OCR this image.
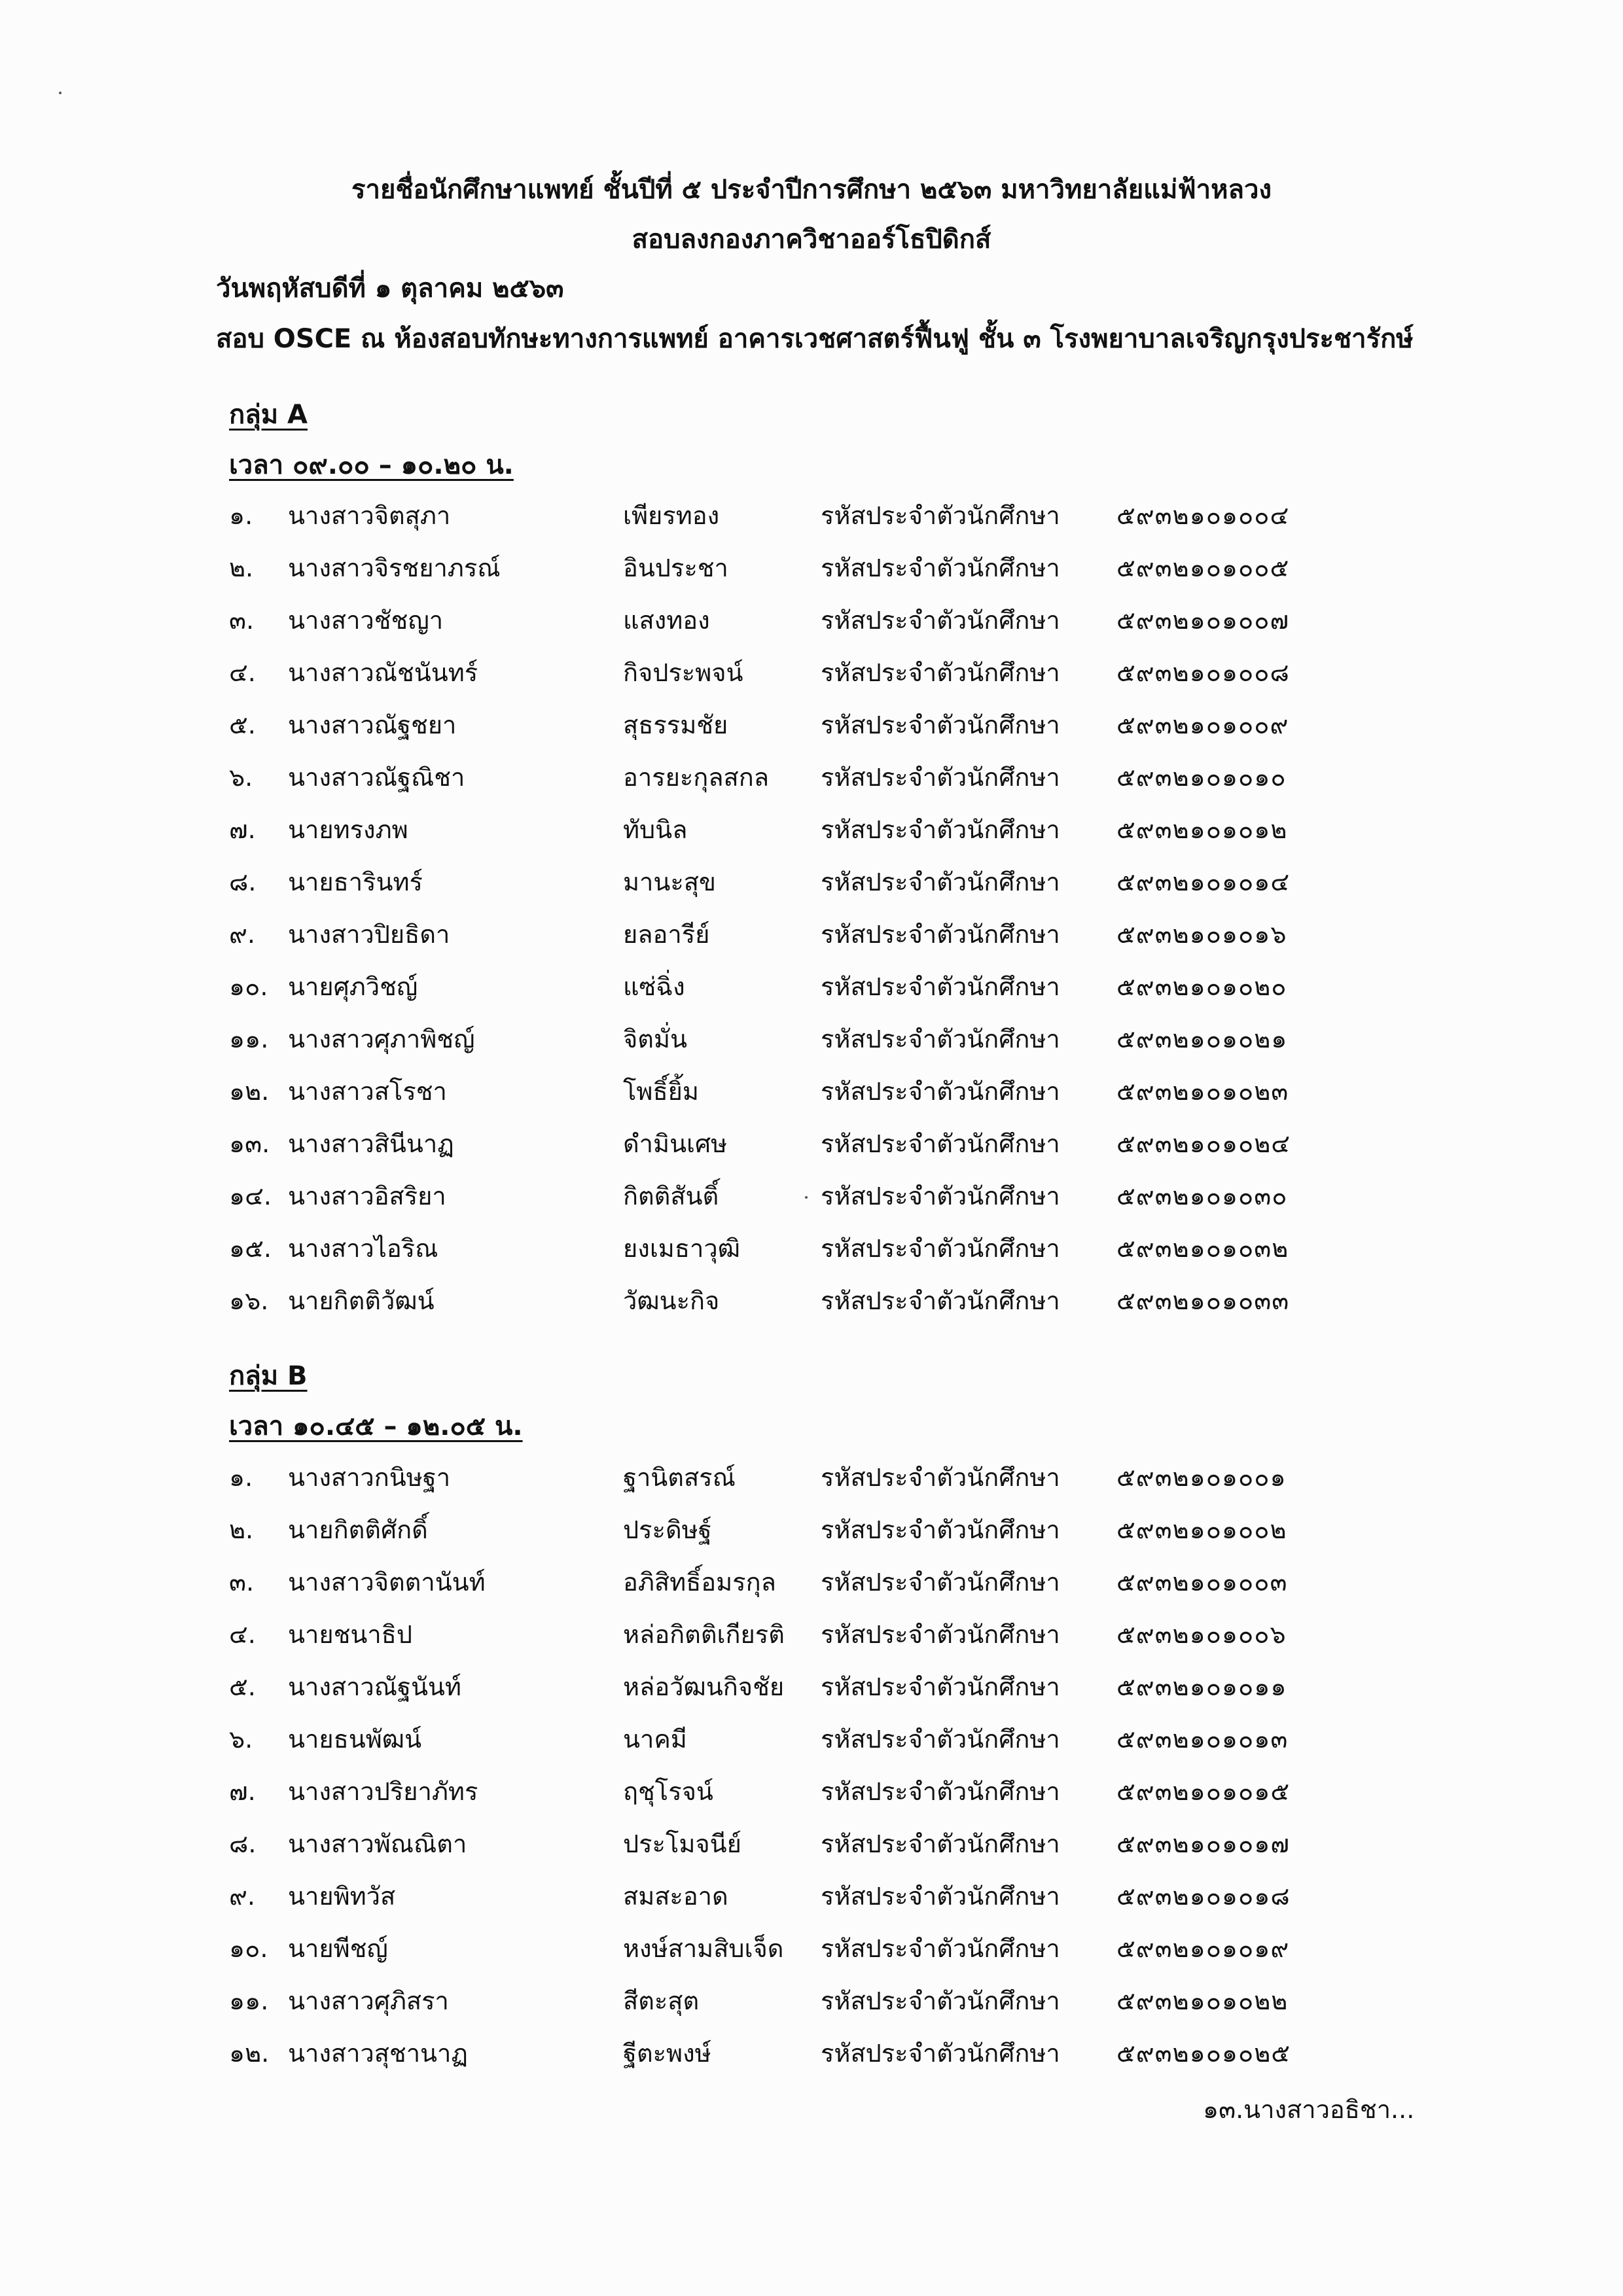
รายชื่อนักศึกษาแพทย์ ชั้นปีที่ ๕ ประจำปีการศึกษา ๒๕๖๓ มหาวิทยาลัยแม่ฟ้าหลวง
สอบลงกองภาควิชาออร์โธปิดิกส์
วันพฤหัสบดีที่ ๑ ตุลาคม ๒๕๖๓
สอบ OSCE ณ ห้องสอบทักษะทางการแพทย์ อาคารเวชศาสตร์ฟื้นฟู ชั้น ๓ โรงพยาบาลเจริญกรุงประชารักษ์
กลุ่ม A
เวลา ๐๙.๐๐ – ๑๐.๒๐ น.
๑. นางสาวจิตสุภา	เพียรทอง	รหัสประจำตัวนักศึกษา ๕๙๓๒๑๐๑๐๐๔
๒. นางสาวจิรชยาภรณ์	อินประชา	รหัสประจำตัวนักศึกษา ๕๙๓๒๑๐๑๐๐๕
๓. นางสาวชัชญา	แสงทอง	รหัสประจำตัวนักศึกษา ๕๙๓๒๑๐๑๐๐๗
๔. นางสาวณัชนันทร์	กิจประพจน์	รหัสประจำตัวนักศึกษา ๕๙๓๒๑๐๑๐๐๘
๕. นางสาวณัฐชยา	สุธรรมชัย	รหัสประจำตัวนักศึกษา ๕๙๓๒๑๐๑๐๐๙
๖. นางสาวณัฐณิชา	อารยะกุลสกล รหัสประจำตัวนักศึกษา ๕๙๓๒๑๐๑๐๑๐
๗. นายทรงภพ	ทับนิล	รหัสประจำตัวนักศึกษา ๕๙๓๒๑๐๑๐๑๒
๘. นายธารินทร์	มานะสุข	รหัสประจำตัวนักศึกษา ๕๙๓๒๑๐๑๐๑๔
๙. นางสาวปิยธิดา	ยลอารีย์	รหัสประจำตัวนักศึกษา ๕๙๓๒๑๐๑๐๑๖
๑๐. นายศุภวิชญ์	แซ่ฉิ่ง	รหัสประจำตัวนักศึกษา ๕๙๓๒๑๐๑๐๒๐
๑๑. นางสาวศุภาพิชญ์	จิตมั่น	รหัสประจำตัวนักศึกษา ๕๙๓๒๑๐๑๐๒๑
๑๒. นางสาวสโรชา	โพธิ์ยิ้ม	รหัสประจำตัวนักศึกษา ๕๙๓๒๑๐๑๐๒๓
๑๓. นางสาวสินีนาฏ	ดำมินเศษ	รหัสประจำตัวนักศึกษา ๕๙๓๒๑๐๑๐๒๔
๑๔. นางสาวอิสริยา	กิตติสันติ์	รหัสประจำตัวนักศึกษา ๕๙๓๒๑๐๑๐๓๐
๑๕. นางสาวไอริณ	ยงเมธาวุฒิ	รหัสประจำตัวนักศึกษา ๕๙๓๒๑๐๑๐๓๒
๑๖. นายกิตติวัฒน์	วัฒนะกิจ	รหัสประจำตัวนักศึกษา ๕๙๓๒๑๐๑๐๓๓
กลุ่ม B
เวลา ๑๐.๔๕ – ๑๒.๐๕ น.
๑. นางสาวกนิษฐา	ฐานิตสรณ์	รหัสประจำตัวนักศึกษา ๕๙๓๒๑๐๑๐๐๑
๒. นายกิตติศักดิ์	ประดิษฐ์	รหัสประจำตัวนักศึกษา ๕๙๓๒๑๐๑๐๐๒
๓. นางสาวจิตตานันท์	อภิสิทธิ์อมรกุล รหัสประจำตัวนักศึกษา ๕๙๓๒๑๐๑๐๐๓
๔. นายชนาธิป	หล่อกิตติเกียรติ รหัสประจำตัวนักศึกษา ๕๙๓๒๑๐๑๐๐๖
๕. นางสาวณัฐนันท์	หล่อวัฒนกิจชัย รหัสประจำตัวนักศึกษา ๕๙๓๒๑๐๑๐๑๑
๖. นายธนพัฒน์	นาคมี	รหัสประจำตัวนักศึกษา ๕๙๓๒๑๐๑๐๑๓
๗. นางสาวปริยาภัทร	ฤชุโรจน์	รหัสประจำตัวนักศึกษา ๕๙๓๒๑๐๑๐๑๕
๘. นางสาวพัณณิตา	ประโมจนีย์	รหัสประจำตัวนักศึกษา ๕๙๓๒๑๐๑๐๑๗
๙. นายพิทวัส	สมสะอาด	รหัสประจำตัวนักศึกษา ๕๙๓๒๑๐๑๐๑๘
๑๐. นายพีชญ์	หงษ์สามสิบเจ็ด รหัสประจำตัวนักศึกษา ๕๙๓๒๑๐๑๐๑๙
๑๑. นางสาวศุภิสรา	สีตะสุต	รหัสประจำตัวนักศึกษา ๕๙๓๒๑๐๑๐๒๒
๑๒. นางสาวสุชานาฏ	ฐีตะพงษ์	รหัสประจำตัวนักศึกษา ๕๙๓๒๑๐๑๐๒๕
๑๓.นางสาวอธิชา...
